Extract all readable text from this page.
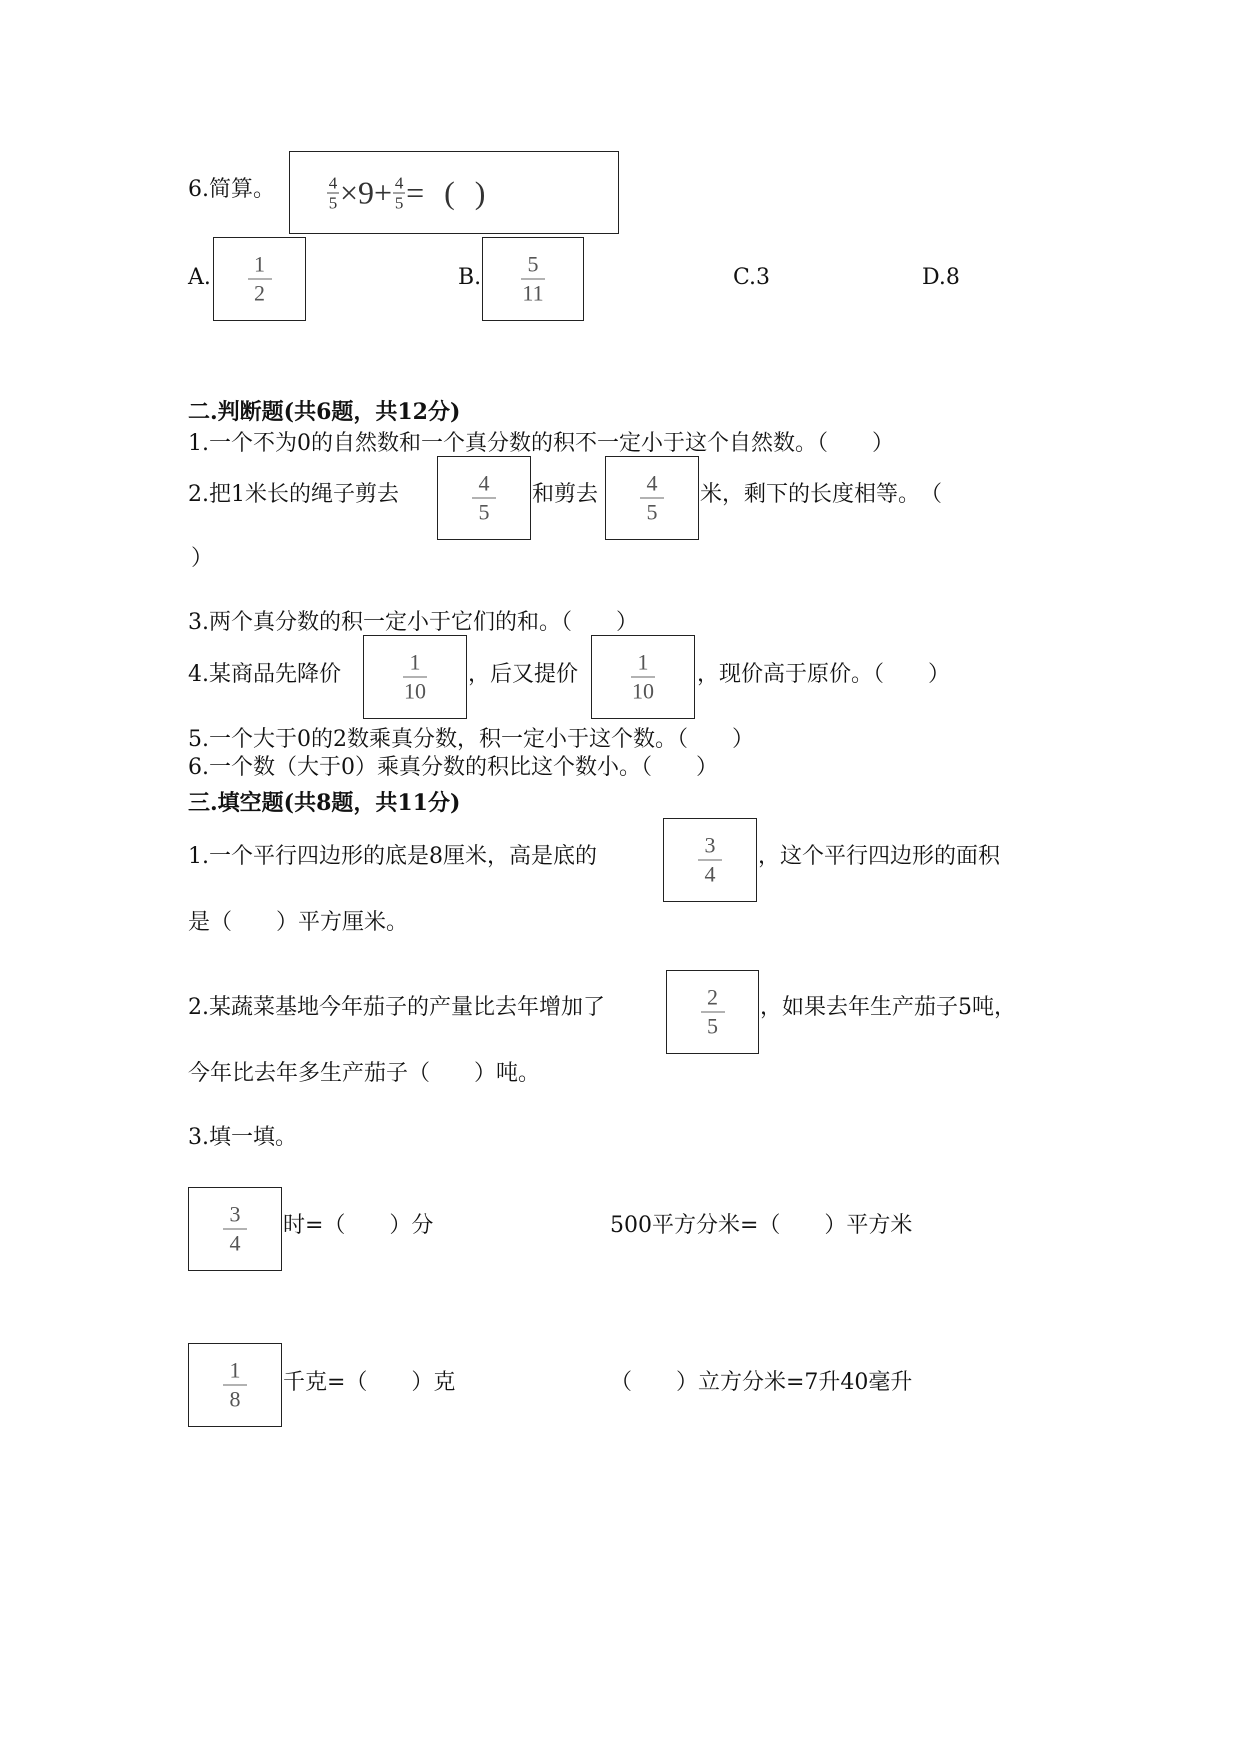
6.简算。	4
5 ×9+ 4
5 = ( )
A.
1
2
B.
5
11
C.3	D.8
二.判断题(共6题，共12分)
1.一个不为0的自然数和一个真分数的积不一定小于这个自然数。（　　）
2.把1米长的绳子剪去	4
5
和剪去 4
5
米，剩下的长度相等。　（
）
3.两个真分数的积一定小于它们的和。（　　）
4.某商品先降价	1
10
，后又提价	1
10
，现价高于原价。（　　）
5.一个大于0的2数乘真分数，积一定小于这个数。（　　）
6.一个数（大于0）乘真分数的积比这个数小。（　　）
三.填空题(共8题，共11分)
1.一个平行四边形的底是8厘米，高是底的	3
4
，这个平行四边形的面积
是（　　）平方厘米。
2.某蔬菜基地今年茄子的产量比去年增加了	2
5
，如果去年生产茄子5吨，
今年比去年多生产茄子（　　）吨。
3.填一填。
3
4
时=（　　）分	500平方分米=（　　）平方米
1
8
千克=（　　）克	（　　）立方分米=7升40毫升
